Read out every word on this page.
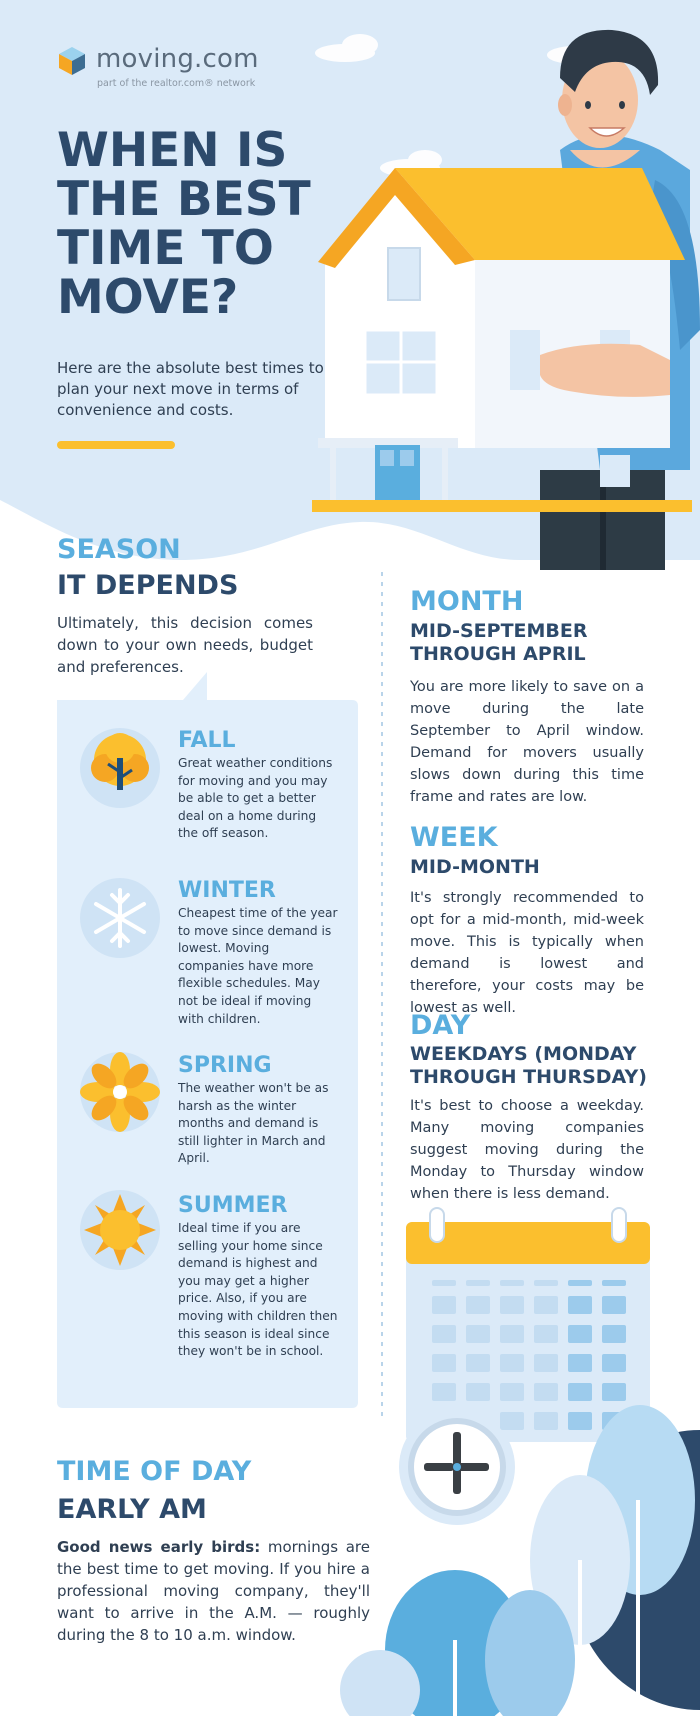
moving.com
part of the realtor.com® network
WHEN IS
THE BEST
TIME TO
MOVE?
Here are the absolute best times to plan your next move in terms of convenience and costs.
SEASON
IT DEPENDS
Ultimately, this decision comes down to your own needs, budget and preferences.
FALL
Great weather conditions for moving and you may be able to get a better deal on a home during the off season.
WINTER
Cheapest time of the year to move since demand is lowest. Moving companies have more flexible schedules. May not be ideal if moving with children.
SPRING
The weather won't be as harsh as the winter months and demand is still lighter in March and April.
SUMMER
Ideal time if you are selling your home since demand is highest and you may get a higher price. Also, if you are moving with children then this season is ideal since they won't be in school.
MONTH
MID-SEPTEMBER THROUGH APRIL
You are more likely to save on a move during the late September to April window. Demand for movers usually slows down during this time frame and rates are low.
WEEK
MID-MONTH
It's strongly recommended to opt for a mid-month, mid-week move. This is typically when demand is lowest and therefore, your costs may be lowest as well.
DAY
WEEKDAYS (MONDAY THROUGH THURSDAY)
It's best to choose a weekday. Many moving companies suggest moving during the Monday to Thursday window when there is less demand.
TIME OF DAY
EARLY AM
Good news early birds: mornings are the best time to get moving. If you hire a professional moving company, they'll want to arrive in the A.M. — roughly during the 8 to 10 a.m. window.
